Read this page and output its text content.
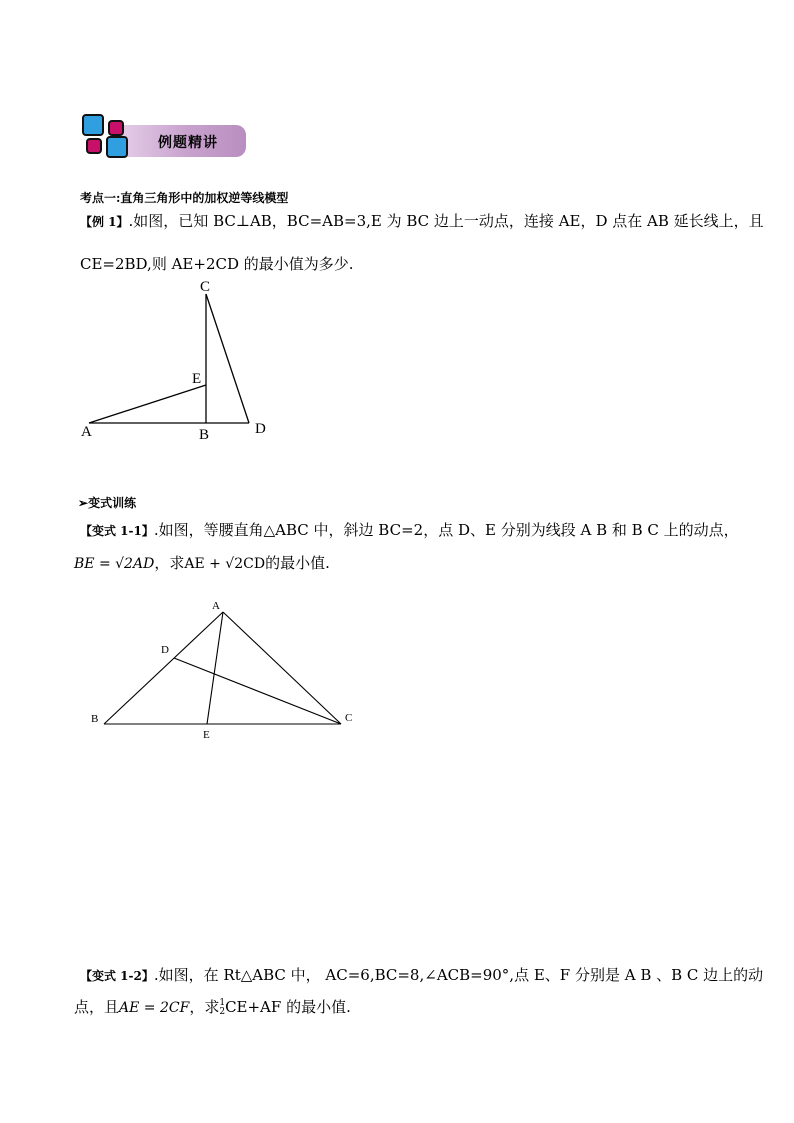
例题精讲
考点一:直角三角形中的加权逆等线模型
【例 1】.如图，已知 BC⊥AB，BC=AB=3,E 为 BC 边上一动点，连接 AE，D 点在 AB 延长线上，且
CE=2BD,则 AE+2CD 的最小值为多少.
C
E
A	B	D
➢变式训练
【变式 1-1】.如图，等腰直角△ABC 中，斜边 BC=2，点 D、E 分别为线段 A B 和 B C 上的动点，
BE = √2AD，求AE + √2CD的最小值.
A
D
B
E
C
【变式 1-2】.如图，在 Rt△ABC 中， AC=6,BC=8,∠ACB=90°,点 E、F 分别是 A B 、B C 边上的动
点，且AE = 2CF，求 1
2 CE+AF 的最小值.
